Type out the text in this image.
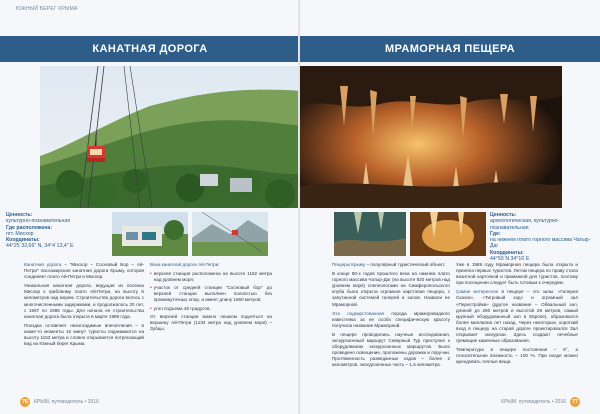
ЮЖНЫЙ БЕРЕГ КРЫМА
КАНАТНАЯ ДОРОГА
Ценность:
культурно-познавательная
Где расположена:
пгт. Мисхор
Координаты:
44°25´32,66″ N, 34°4´13,4″ E

Канатная дорога – "Мисхор – Сосновый Бор – Ай-Петри" пассажирская канатная дорога Крыму, которая соединяет плато Ай-Петри и Мисхор.

Уникальная канатная дорога, ведущая из поселка Мисхор к грибовому плато Ай-Петри, на высоту 6 километров над морем. Строительство дороги велось с многочисленными задержками, и продолжалось 20 лет, с 1967 по 1988 годы. Для начала ее строительства канатная дорога была открыта в марте 1988 года.

Поездка оставляет неизгладимые впечатления – в какие-то моменты 15 минут туристы поднимаются на высоту 1153 метра и словно открывается потрясающий вид на Южный берег Крыма.

Вехи канатной дороги Ай-Петри:

• верхняя станция расположена на высоте 1152 метра над уровнем моря;
• участок от средней станции "Сосновый бор" до верхней станции выполнен полностью без промежуточных опор, и имеет длину 1660 метров;
• угол подъема 45 градусов.

От верхней станции можно пешком подняться на вершину Ай-Петри (1234 метра над уровнем моря) – Зубцы.

76	КРЫМ. путеводитель • 2016
МРАМОРНАЯ ПЕЩЕРА
Ценность:
археологическая, культурно-познавательная
Где:
на нижнем плато горного массива Чатыр-Даг
Координаты:
44°50´N 34°16´E

Пещеры Крыму – популярный туристический объект.

В конце 80-х годов прошлого века на нижнем плато горного массива Чатыр-Даг (на высоте 920 метров над уровнем моря) спелеологами на Симферопольского клуба была открыта огромная карстовая пещера, с запутанной системой галерей и залов. Назвали ее Мраморной.

Эта подкарстованная порода мраморовидного известняка за ее особо специфическую красоту получила название Мраморной.

В пещере проводились научные исследования, экскурсионный маршрут Северный Тур приступил к оборудованию экскурсионных маршрутов. Было проведено освещение, проложены дорожки и поручни. Протяженность разведанных ходов – более 2 километров, экскурсионных часть – 1,5 километра.

Уже в 1989 году Мраморная пещера была открыта и приняла первых туристов. Летом пещера по праву стала визитной карточкой и приманкой для туристов, поэтому при посещении следует быть готовым к очередям.

Самое интересное в пещере – это залы: «Галерея Сказок», «Тигровый ход» и огромный зал «Перестройки» (другое название – Обвальный зал, длиной до 280 метров и высотой 28 метров, самый крупный оборудованный зал в Европе), образовался более миллиона лет назад. Через некоторые, короткий вход в пещеру на старой дороге проектировался Зал открывает экскурсии. Здесь создают лечебные гремящие каменные образования.

Температура в пещере постоянная – 8°, а относительная влажность – 100 %. При входе можно арендовать теплые вещи.

КРЫМ. путеводитель • 2016	77
